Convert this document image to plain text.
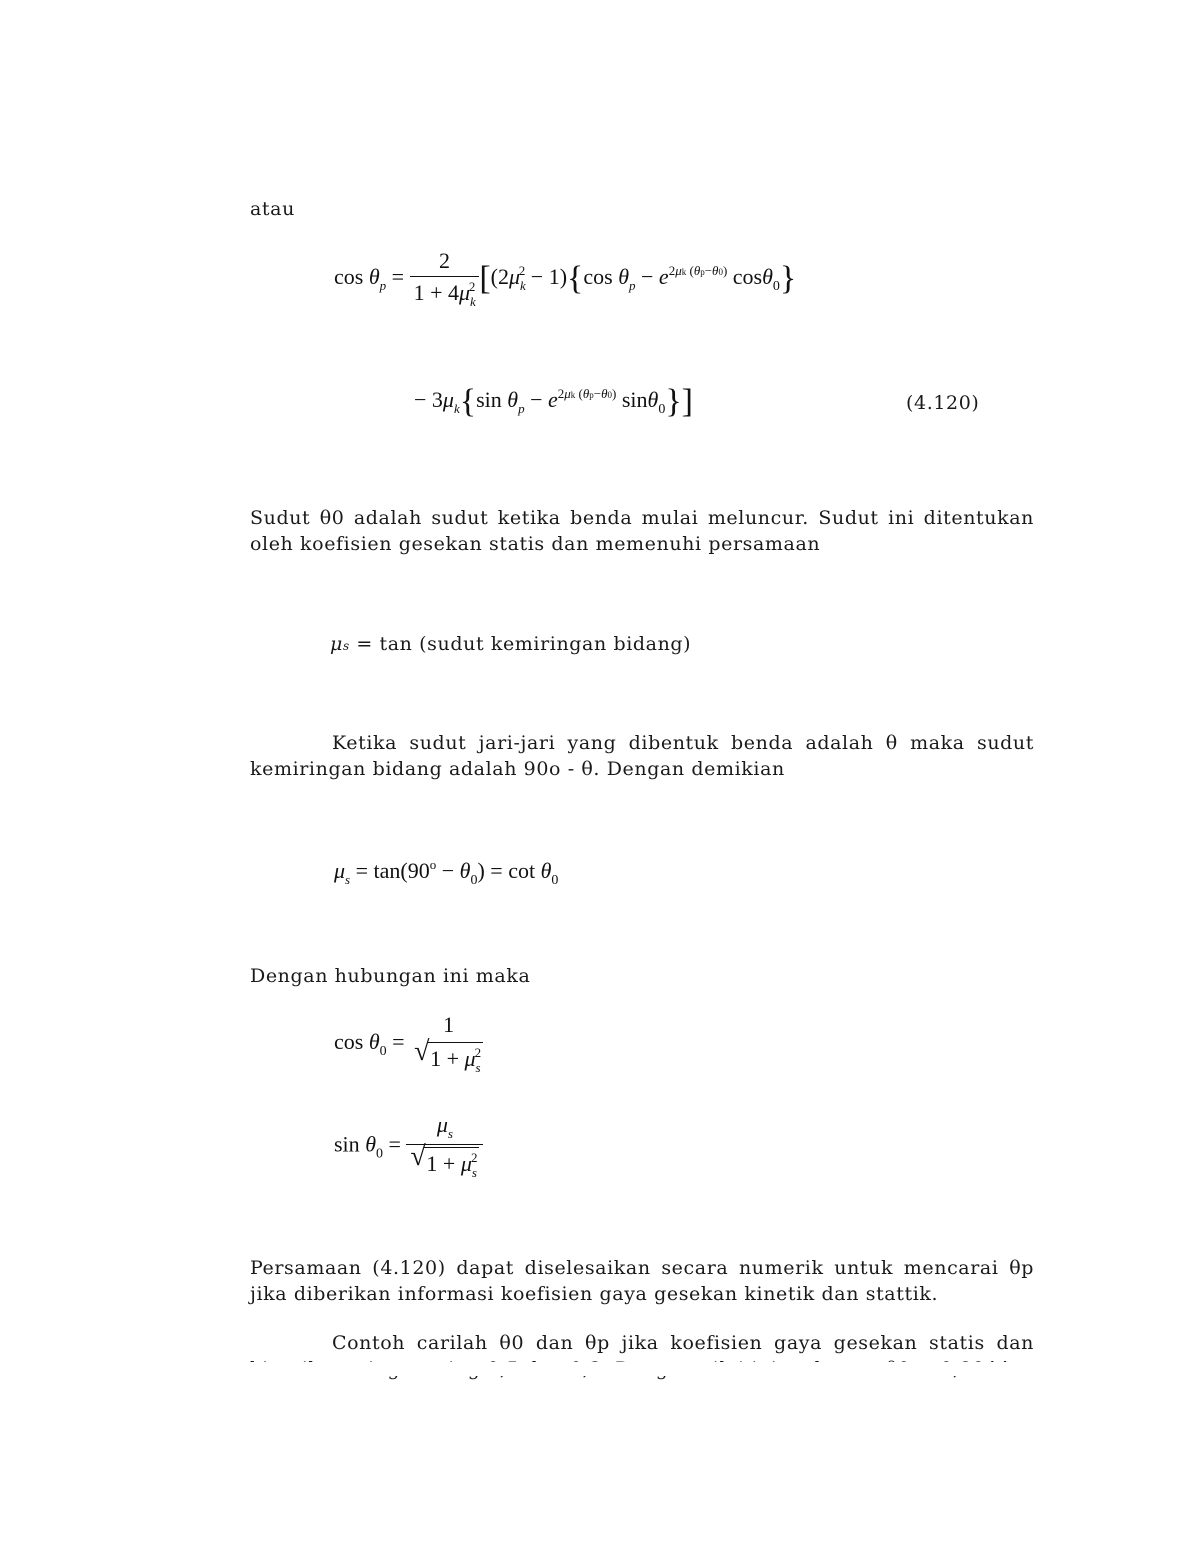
atau
$\cos \theta_p = \frac{2}{1 + 4\mu_k^2} [(2\mu_k^2 - 1)\{\cos$ $\theta_p - e^{2\mu k (\theta p-\theta 0)}$ cosθ$_0$}
− $3\mu_k\{\sin$ $\theta_p - e^{2\mu k (\theta p-\theta 0)}$ sinθ$_0$}]	(4.120)
Sudut θ0 adalah sudut ketika benda mulai meluncur. Sudut ini ditentukan oleh koefisien gesekan statis dan memenuhi persamaan
μs = tan (sudut kemiringan bidang)
Ketika sudut jari-jari yang dibentuk benda adalah θ maka sudut kemiringan bidang adalah 90o - θ. Dengan demikian
$\mu_s = \tan(90^o - \theta_0) = \cot \theta_0$
Dengan hubungan ini maka
$\cos \theta_0$ =
1
√ $1 + \mu_s^2$
$\sin \theta_0 = \frac{\mu_s}{√ 1 + \mu_s^2}$
Persamaan (4.120) dapat diselesaikan secara numerik untuk mencarai θp jika diberikan informasi koefisien gaya gesekan kinetik dan stattik.
Contoh carilah θ0 dan θp jika koefisien gaya gesekan statis dan
